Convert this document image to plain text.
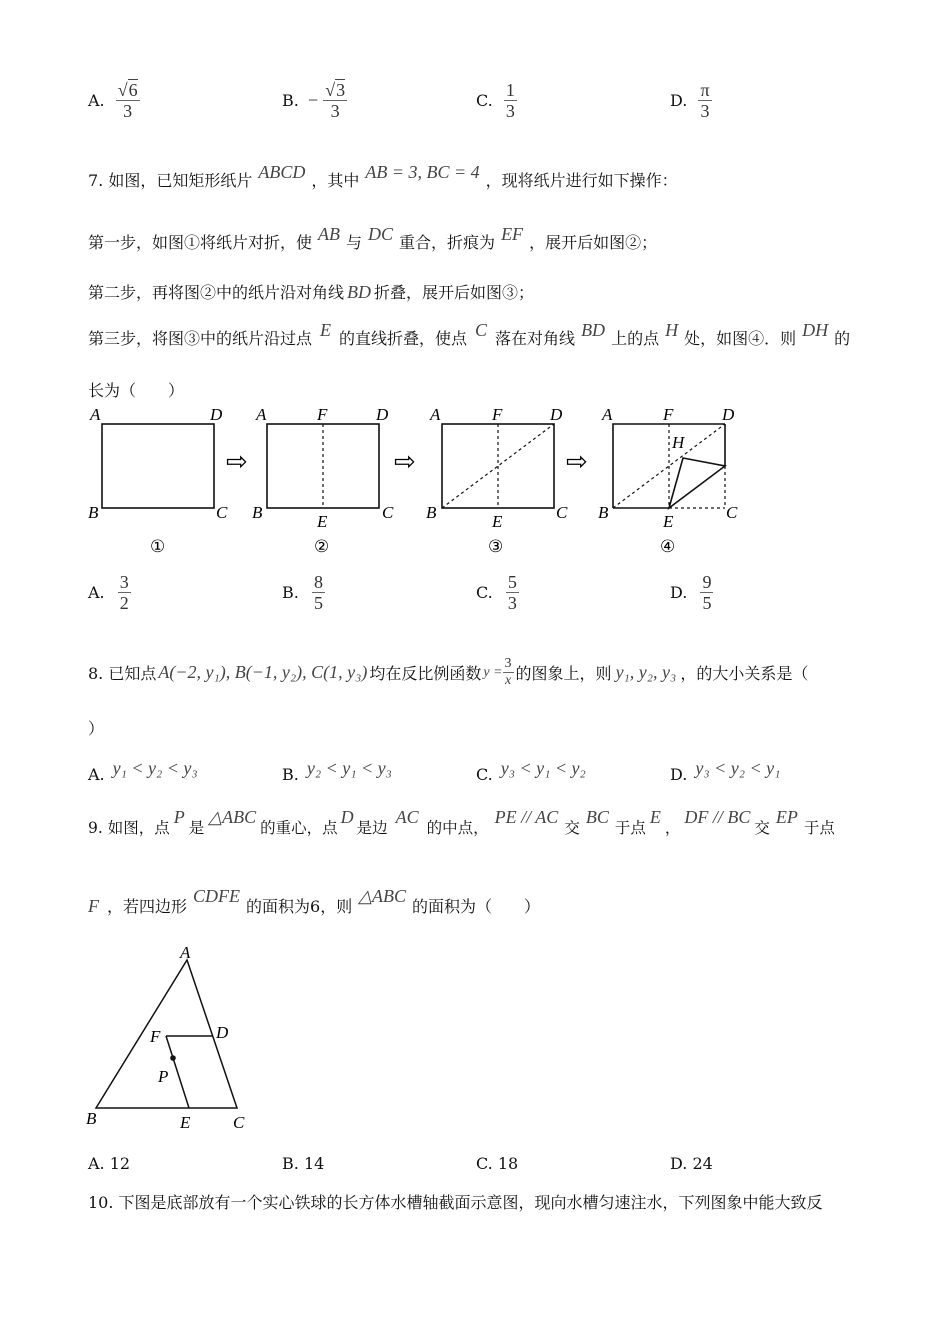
A. $\frac{√6}{3}$	B. − $\frac{√3}{3}$	C. $\frac{1}{3}$	D. $\frac{\pi}{3}$
7. 如图，已知矩形纸片 ABCD ，其中 AB = 3, BC = 4 ，现将纸片进行如下操作：
第一步，如图①将纸片对折，使 AB 与 DC 重合，折痕为 EF ，展开后如图②；
第二步，再将图②中的纸片沿对角线 BD 折叠，展开后如图③；
第三步，将图③中的纸片沿过点 E 的直线折叠，使点 C 落在对角线 BD 上的点 H 处，如图④．则 DH 的
长为（　　）
A	D
B	C
①
⇨
A	F	D
B	E	C
②
⇨
A	F	D
B	E	C
③
⇨
A	F	D
H
B	E	C
④
A. $\frac{3}{2}$	B. $\frac{8}{5}$	C. $\frac{5}{3}$	D. $\frac{9}{5}$
8. 已知点 A(−2, y₁), B(−1, y₂), C(1, y₃) 均在反比例函数 $y = \frac{3}{x}$ 的图象上，则 y₁, y₂, y₃ ，的大小关系是（
）
A. y₁ < y₂ < y₃	B. y₂ < y₁ < y₃	C. y₃ < y₁ < y₂	D. y₃ < y₂ < y₁
9. 如图，点P是△ABC的重心，点D是边AC的中点，PE // AC交BC于点E，DF // BC交EP于点
F ，若四边形CDFE的面积为6，则△ABC的面积为（　　）
A
F	D
P
B	E	C
A. 12	B. 14	C. 18	D. 24
10. 下图是底部放有一个实心铁球的长方体水槽轴截面示意图，现向水槽匀速注水，下列图象中能大致反
